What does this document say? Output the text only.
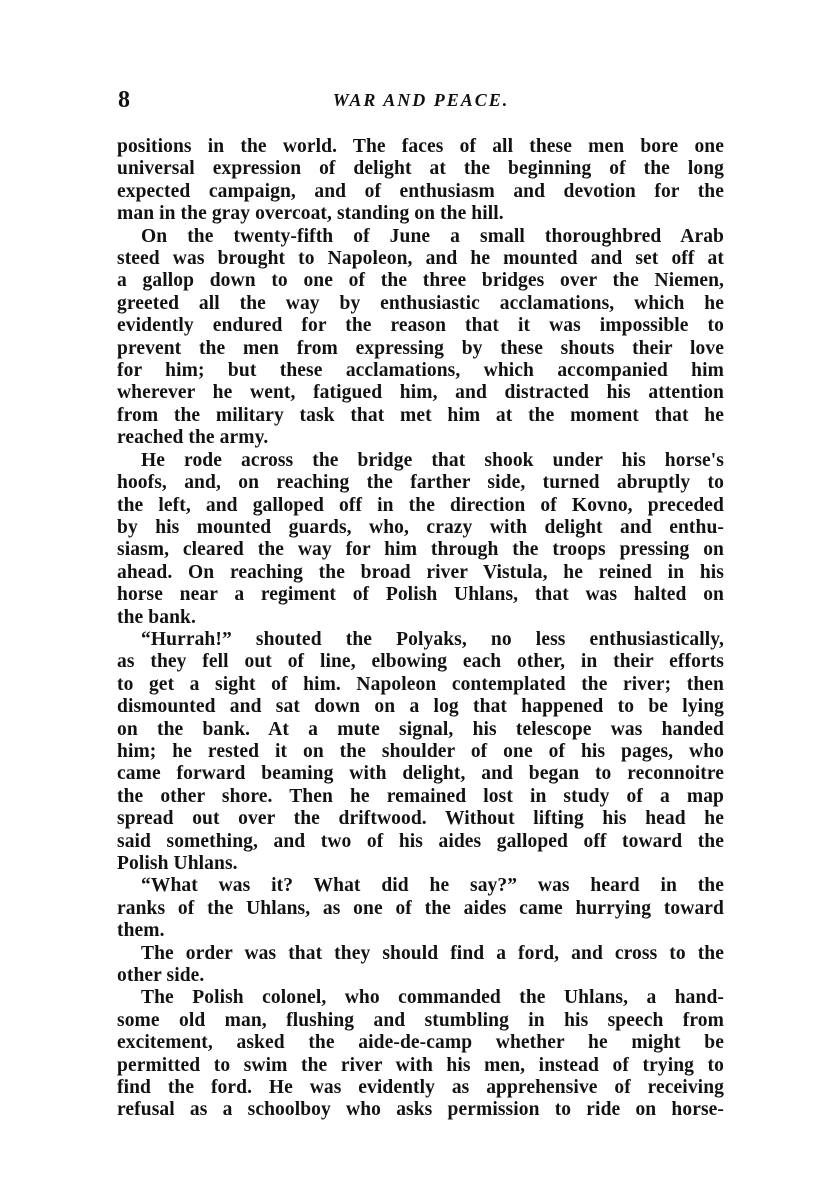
8	WAR AND PEACE.

positions in the world. The faces of all these men bore one

universal expression of delight at the beginning of the long

expected campaign, and of enthusiasm and devotion for the

man in the gray overcoat, standing on the hill.

On the twenty-fifth of June a small thoroughbred Arab

steed was brought to Napoleon, and he mounted and set off at

a gallop down to one of the three bridges over the Niemen,

greeted all the way by enthusiastic acclamations, which he

evidently endured for the reason that it was impossible to

prevent the men from expressing by these shouts their love

for him; but these acclamations, which accompanied him

wherever he went, fatigued him, and distracted his attention

from the military task that met him at the moment that he

reached the army.

He rode across the bridge that shook under his horse's

hoofs, and, on reaching the farther side, turned abruptly to

the left, and galloped off in the direction of Kovno, preceded

by his mounted guards, who, crazy with delight and enthu-

siasm, cleared the way for him through the troops pressing on

ahead. On reaching the broad river Vistula, he reined in his

horse near a regiment of Polish Uhlans, that was halted on

the bank.

“Hurrah!” shouted the Polyaks, no less enthusiastically,

as they fell out of line, elbowing each other, in their efforts

to get a sight of him. Napoleon contemplated the river; then

dismounted and sat down on a log that happened to be lying

on the bank. At a mute signal, his telescope was handed

him; he rested it on the shoulder of one of his pages, who

came forward beaming with delight, and began to reconnoitre

the other shore. Then he remained lost in study of a map

spread out over the driftwood. Without lifting his head he

said something, and two of his aides galloped off toward the

Polish Uhlans.

“What was it? What did he say?” was heard in the

ranks of the Uhlans, as one of the aides came hurrying toward

them.

The order was that they should find a ford, and cross to the

other side.

The Polish colonel, who commanded the Uhlans, a hand-

some old man, flushing and stumbling in his speech from

excitement, asked the aide-de-camp whether he might be

permitted to swim the river with his men, instead of trying to

find the ford. He was evidently as apprehensive of receiving

refusal as a schoolboy who asks permission to ride on horse-
